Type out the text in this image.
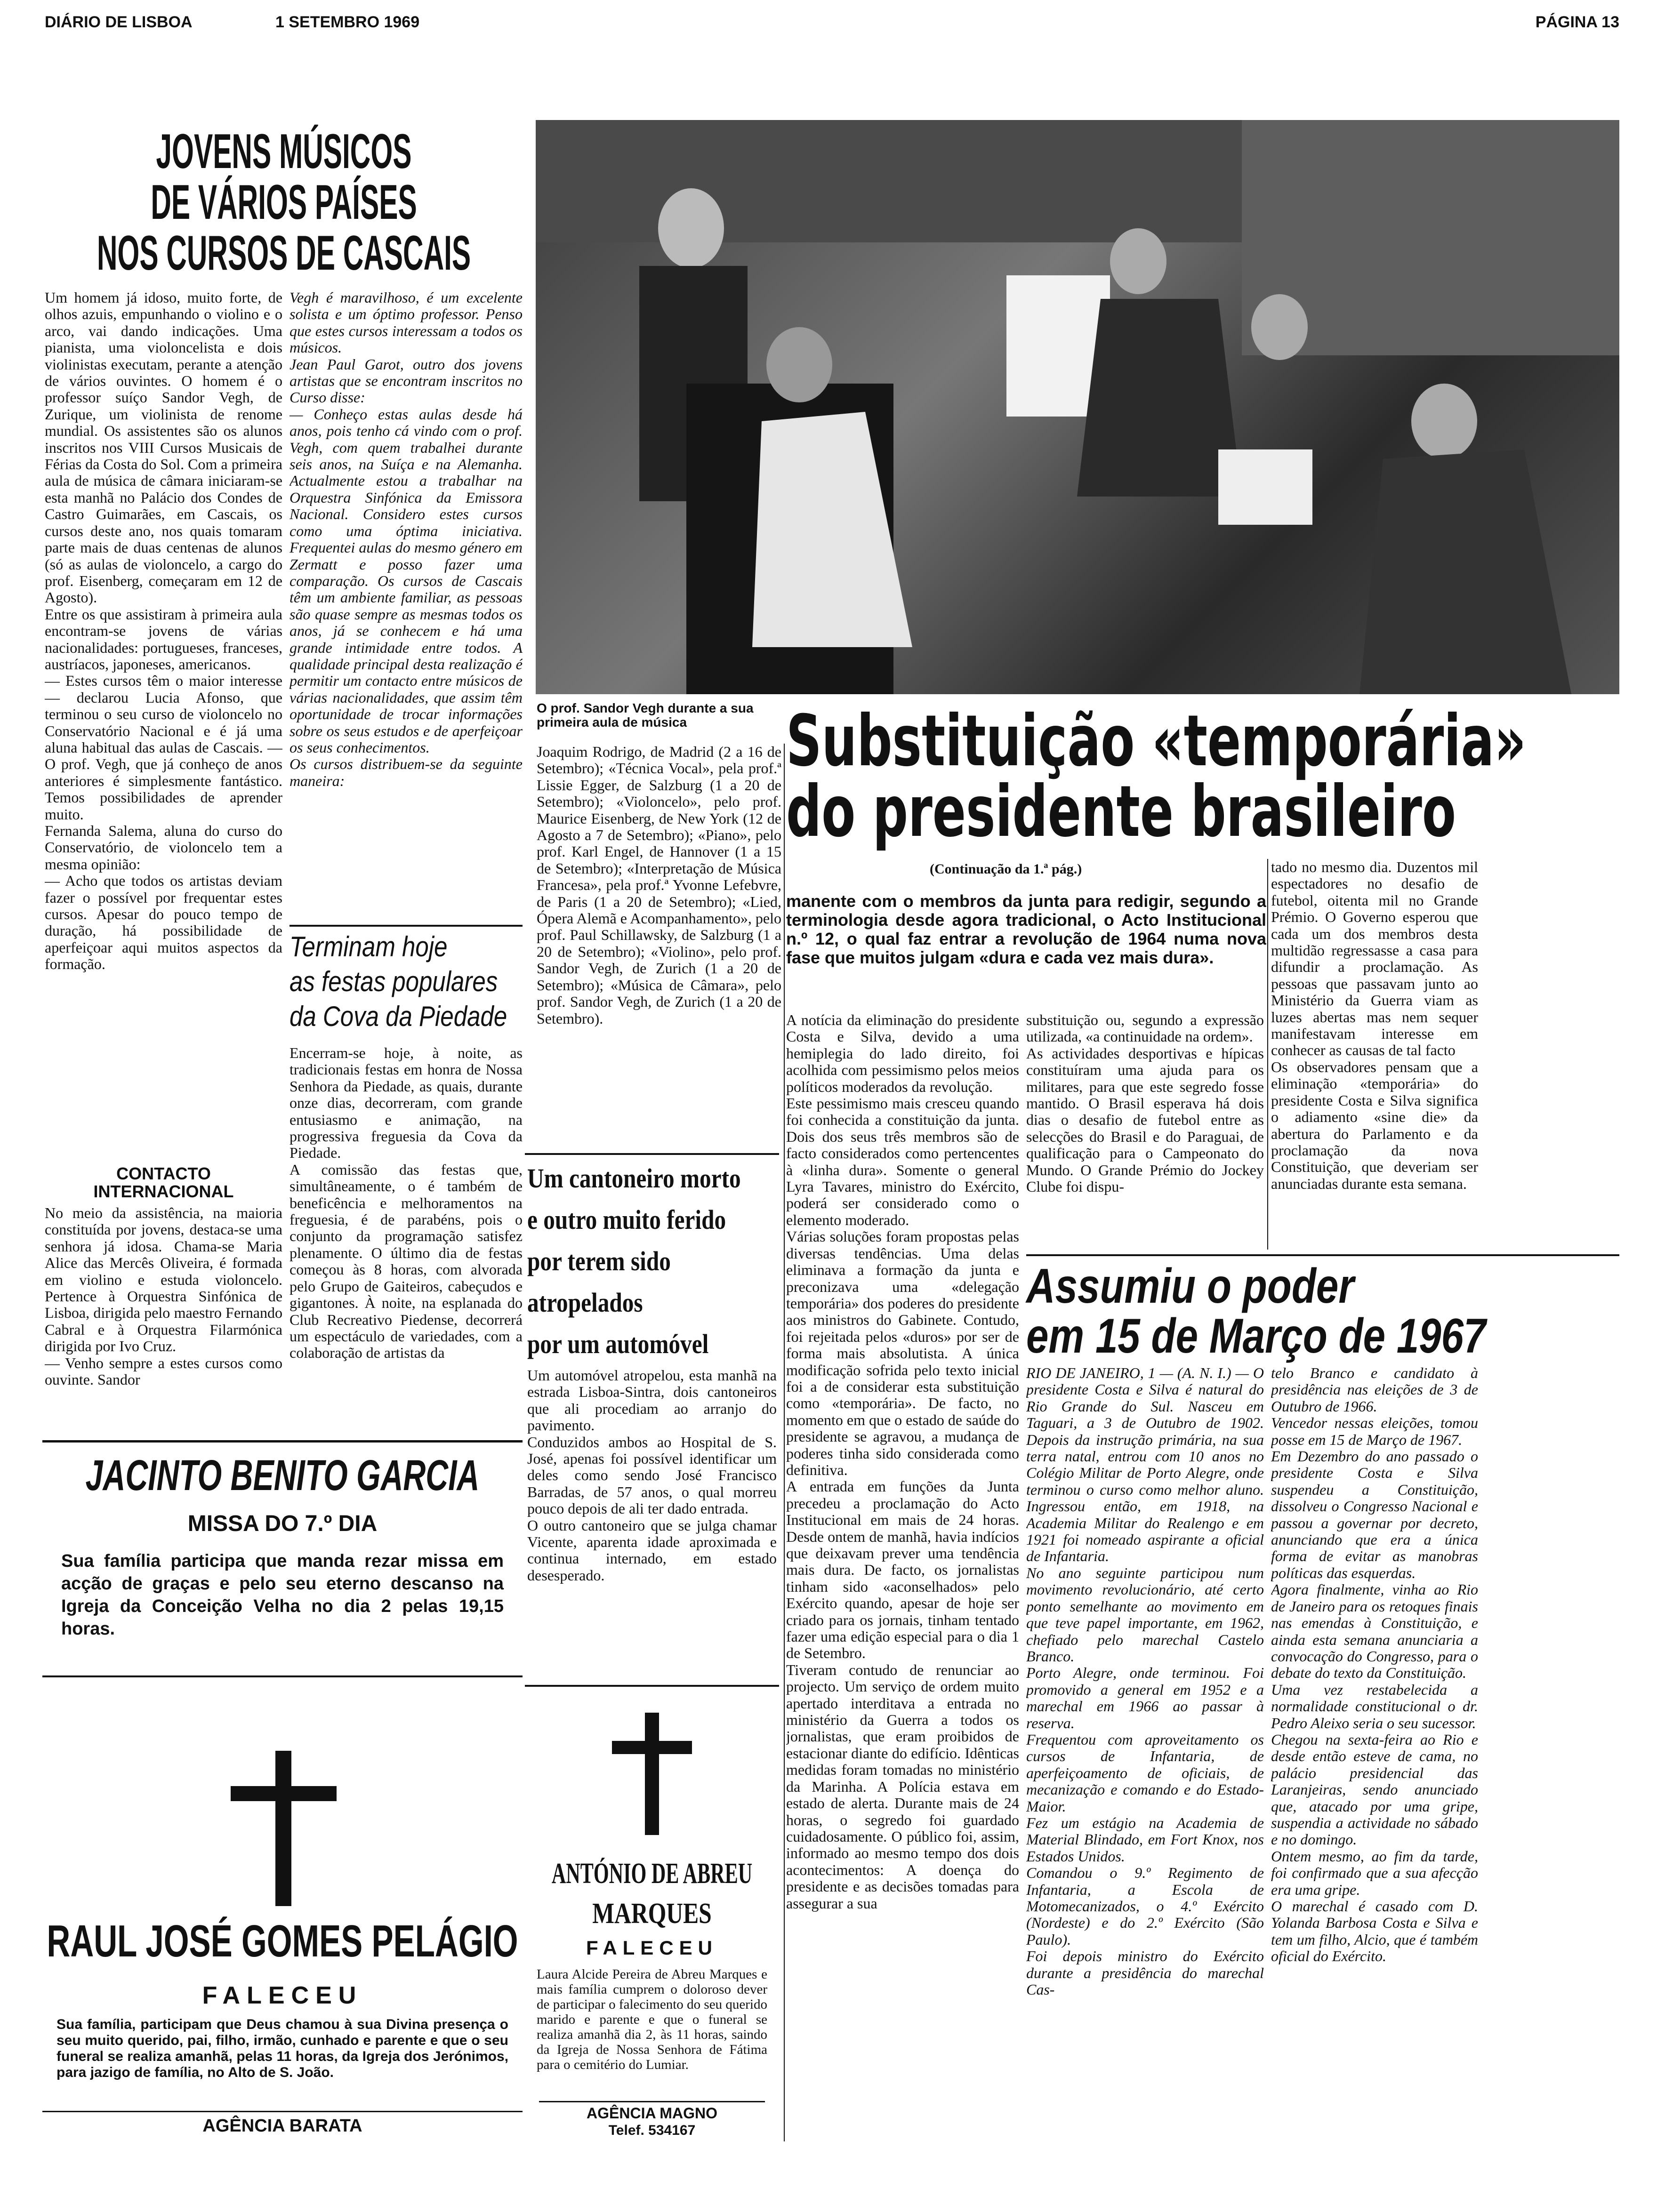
DIÁRIO DE LISBOA	1 SETEMBRO 1969	PÁGINA 13
JOVENS MÚSICOS
DE VÁRIOS PAÍSES
NOS CURSOS DE CASCAIS
Um homem já idoso, muito forte, de olhos azuis, empunhando o violino e o arco, vai dando indicações. Uma pianista, uma violoncelista e dois violinistas executam, perante a atenção de vários ouvintes. O homem é o professor suíço Sandor Vegh, de Zurique, um violinista de renome mundial. Os assistentes são os alunos inscritos nos VIII Cursos Musicais de Férias da Costa do Sol. Com a primeira aula de música de câmara iniciaram-se esta manhã no Palácio dos Condes de Castro Guimarães, em Cascais, os cursos deste ano, nos quais tomaram parte mais de duas centenas de alunos (só as aulas de violoncelo, a cargo do prof. Eisenberg, começaram em 12 de Agosto).
Entre os que assistiram à primeira aula encontram-se jovens de várias nacionalidades: portugueses, franceses, austríacos, japoneses, americanos.
— Estes cursos têm o maior interesse — declarou Lucia Afonso, que terminou o seu curso de violoncelo no Conservatório Nacional e é já uma aluna habitual das aulas de Cascais. — O prof. Vegh, que já conheço de anos anteriores é simplesmente fantástico. Temos possibilidades de aprender muito.
Fernanda Salema, aluna do curso do Conservatório, de violoncelo tem a mesma opinião:
— Acho que todos os artistas deviam fazer o possível por frequentar estes cursos. Apesar do pouco tempo de duração, há possibilidade de aperfeiçoar aqui muitos aspectos da formação.
CONTACTO INTERNACIONAL
No meio da assistência, na maioria constituída por jovens, destaca-se uma senhora já idosa. Chama-se Maria Alice das Mercês Oliveira, é formada em violino e estuda violoncelo. Pertence à Orquestra Sinfónica de Lisboa, dirigida pelo maestro Fernando Cabral e à Orquestra Filarmónica dirigida por Ivo Cruz.
— Venho sempre a estes cursos como ouvinte. Sandor
Vegh é maravilhoso, é um excelente solista e um óptimo professor. Penso que estes cursos interessam a todos os músicos.
Jean Paul Garot, outro dos jovens artistas que se encontram inscritos no Curso disse:
— Conheço estas aulas desde há anos, pois tenho cá vindo com o prof. Vegh, com quem trabalhei durante seis anos, na Suíça e na Alemanha. Actualmente estou a trabalhar na Orquestra Sinfónica da Emissora Nacional. Considero estes cursos como uma óptima iniciativa. Frequentei aulas do mesmo género em Zermatt e posso fazer uma comparação. Os cursos de Cascais têm um ambiente familiar, as pessoas são quase sempre as mesmas todos os anos, já se conhecem e há uma grande intimidade entre todos. A qualidade principal desta realização é permitir um contacto entre músicos de várias nacionalidades, que assim têm oportunidade de trocar informações sobre os seus estudos e de aperfeiçoar os seus conhecimentos.
Os cursos distribuem-se da seguinte maneira:
Terminam hoje
as festas populares
da Cova da Piedade
Encerram-se hoje, à noite, as tradicionais festas em honra de Nossa Senhora da Piedade, as quais, durante onze dias, decorreram, com grande entusiasmo e animação, na progressiva freguesia da Cova da Piedade.
A comissão das festas que, simultâneamente, o é também de beneficência e melhoramentos na freguesia, é de parabéns, pois o conjunto da programação satisfez plenamente. O último dia de festas começou às 8 horas, com alvorada pelo Grupo de Gaiteiros, cabeçudos e gigantones. À noite, na esplanada do Club Recreativo Piedense, decorrerá um espectáculo de variedades, com a colaboração de artistas da
JACINTO BENITO GARCIA
MISSA DO 7.º DIA
Sua família participa que manda rezar missa em acção de graças e pelo seu eterno descanso na Igreja da Conceição Velha no dia 2 pelas 19,15 horas.
RAUL JOSÉ GOMES PELÁGIO
FALECEU
Sua família, participam que Deus chamou à sua Divina presença o seu muito querido, pai, filho, irmão, cunhado e parente e que o seu funeral se realiza amanhã, pelas 11 horas, da Igreja dos Jerónimos, para jazigo de família, no Alto de S. João.
AGÊNCIA BARATA
O prof. Sandor Vegh durante a sua primeira aula de música
Joaquim Rodrigo, de Madrid (2 a 16 de Setembro); «Técnica Vocal», pela prof.ª Lissie Egger, de Salzburg (1 a 20 de Setembro); «Violoncelo», pelo prof. Maurice Eisenberg, de New York (12 de Agosto a 7 de Setembro); «Piano», pelo prof. Karl Engel, de Hannover (1 a 15 de Setembro); «Interpretação de Música Francesa», pela prof.ª Yvonne Lefebvre, de Paris (1 a 20 de Setembro); «Lied, Ópera Alemã e Acompanhamento», pelo prof. Paul Schillawsky, de Salzburg (1 a 20 de Setembro); «Violino», pelo prof. Sandor Vegh, de Zurich (1 a 20 de Setembro); «Música de Câmara», pelo prof. Sandor Vegh, de Zurich (1 a 20 de Setembro).
Um cantoneiro morto
e outro muito ferido
por terem sido
atropelados
por um automóvel
Um automóvel atropelou, esta manhã na estrada Lisboa-Sintra, dois cantoneiros que ali procediam ao arranjo do pavimento.
Conduzidos ambos ao Hospital de S. José, apenas foi possível identificar um deles como sendo José Francisco Barradas, de 57 anos, o qual morreu pouco depois de ali ter dado entrada.
O outro cantoneiro que se julga chamar Vicente, aparenta idade aproximada e continua internado, em estado desesperado.
ANTÓNIO DE ABREU
MARQUES
FALECEU
Laura Alcide Pereira de Abreu Marques e mais família cumprem o doloroso dever de participar o falecimento do seu querido marido e parente e que o funeral se realiza amanhã dia 2, às 11 horas, saindo da Igreja de Nossa Senhora de Fátima para o cemitério do Lumiar.
AGÊNCIA MAGNO
Telef. 534167
Substituição «temporária»
do presidente brasileiro
(Continuação da 1.ª pág.)
manente com o membros da junta para redigir, segundo a terminologia desde agora tradicional, o Acto Institucional n.º 12, o qual faz entrar a revolução de 1964 numa nova fase que muitos julgam «dura e cada vez mais dura».
A notícia da eliminação do presidente Costa e Silva, devido a uma hemiplegia do lado direito, foi acolhida com pessimismo pelos meios políticos moderados da revolução.
Este pessimismo mais cresceu quando foi conhecida a constituição da junta. Dois dos seus três membros são de facto considerados como pertencentes à «linha dura». Somente o general Lyra Tavares, ministro do Exército, poderá ser considerado como o elemento moderado.
Várias soluções foram propostas pelas diversas tendências. Uma delas eliminava a formação da junta e preconizava uma «delegação temporária» dos poderes do presidente aos ministros do Gabinete. Contudo, foi rejeitada pelos «duros» por ser de forma mais absolutista. A única modificação sofrida pelo texto inicial foi a de considerar esta substituição como «temporária». De facto, no momento em que o estado de saúde do presidente se agravou, a mudança de poderes tinha sido considerada como definitiva.
A entrada em funções da Junta precedeu a proclamação do Acto Institucional em mais de 24 horas. Desde ontem de manhã, havia indícios que deixavam prever uma tendência mais dura. De facto, os jornalistas tinham sido «aconselhados» pelo Exército quando, apesar de hoje ser criado para os jornais, tinham tentado fazer uma edição especial para o dia 1 de Setembro.
Tiveram contudo de renunciar ao projecto. Um serviço de ordem muito apertado interditava a entrada no ministério da Guerra a todos os jornalistas, que eram proibidos de estacionar diante do edifício. Idênticas medidas foram tomadas no ministério da Marinha. A Polícia estava em estado de alerta. Durante mais de 24 horas, o segredo foi guardado cuidadosamente. O público foi, assim, informado ao mesmo tempo dos dois acontecimentos: A doença do presidente e as decisões tomadas para assegurar a sua
substituição ou, segundo a expressão utilizada, «a continuidade na ordem».
As actividades desportivas e hípicas constituíram uma ajuda para os militares, para que este segredo fosse mantido. O Brasil esperava há dois dias o desafio de futebol entre as selecções do Brasil e do Paraguai, de qualificação para o Campeonato do Mundo. O Grande Prémio do Jockey Clube foi dispu-
tado no mesmo dia. Duzentos mil espectadores no desafio de futebol, oitenta mil no Grande Prémio. O Governo esperou que cada um dos membros desta multidão regressasse a casa para difundir a proclamação. As pessoas que passavam junto ao Ministério da Guerra viam as luzes abertas mas nem sequer manifestavam interesse em conhecer as causas de tal facto
Os observadores pensam que a eliminação «temporária» do presidente Costa e Silva significa o adiamento «sine die» da abertura do Parlamento e da proclamação da nova Constituição, que deveriam ser anunciadas durante esta semana.
Assumiu o poder
em 15 de Março de 1967
RIO DE JANEIRO, 1 — (A. N. I.) — O presidente Costa e Silva é natural do Rio Grande do Sul. Nasceu em Taguari, a 3 de Outubro de 1902. Depois da instrução primária, na sua terra natal, entrou com 10 anos no Colégio Militar de Porto Alegre, onde terminou o curso como melhor aluno. Ingressou então, em 1918, na Academia Militar do Realengo e em 1921 foi nomeado aspirante a oficial de Infantaria.
No ano seguinte participou num movimento revolucionário, até certo ponto semelhante ao movimento em que teve papel importante, em 1962, chefiado pelo marechal Castelo Branco.
Porto Alegre, onde terminou. Foi promovido a general em 1952 e a marechal em 1966 ao passar à reserva.
Frequentou com aproveitamento os cursos de Infantaria, de aperfeiçoamento de oficiais, de mecanização e comando e do Estado-Maior.
Fez um estágio na Academia de Material Blindado, em Fort Knox, nos Estados Unidos.
Comandou o 9.º Regimento de Infantaria, a Escola de Motomecanizados, o 4.º Exército (Nordeste) e do 2.º Exército (São Paulo).
Foi depois ministro do Exército durante a presidência do marechal Cas-
telo Branco e candidato à presidência nas eleições de 3 de Outubro de 1966.
Vencedor nessas eleições, tomou posse em 15 de Março de 1967.
Em Dezembro do ano passado o presidente Costa e Silva suspendeu a Constituição, dissolveu o Congresso Nacional e passou a governar por decreto, anunciando que era a única forma de evitar as manobras políticas das esquerdas.
Agora finalmente, vinha ao Rio de Janeiro para os retoques finais nas emendas à Constituição, e ainda esta semana anunciaria a convocação do Congresso, para o debate do texto da Constituição.
Uma vez restabelecida a normalidade constitucional o dr. Pedro Aleixo seria o seu sucessor.
Chegou na sexta-feira ao Rio e desde então esteve de cama, no palácio presidencial das Laranjeiras, sendo anunciado que, atacado por uma gripe, suspendia a actividade no sábado e no domingo.
Ontem mesmo, ao fim da tarde, foi confirmado que a sua afecção era uma gripe.
O marechal é casado com D. Yolanda Barbosa Costa e Silva e tem um filho, Alcio, que é também oficial do Exército.
